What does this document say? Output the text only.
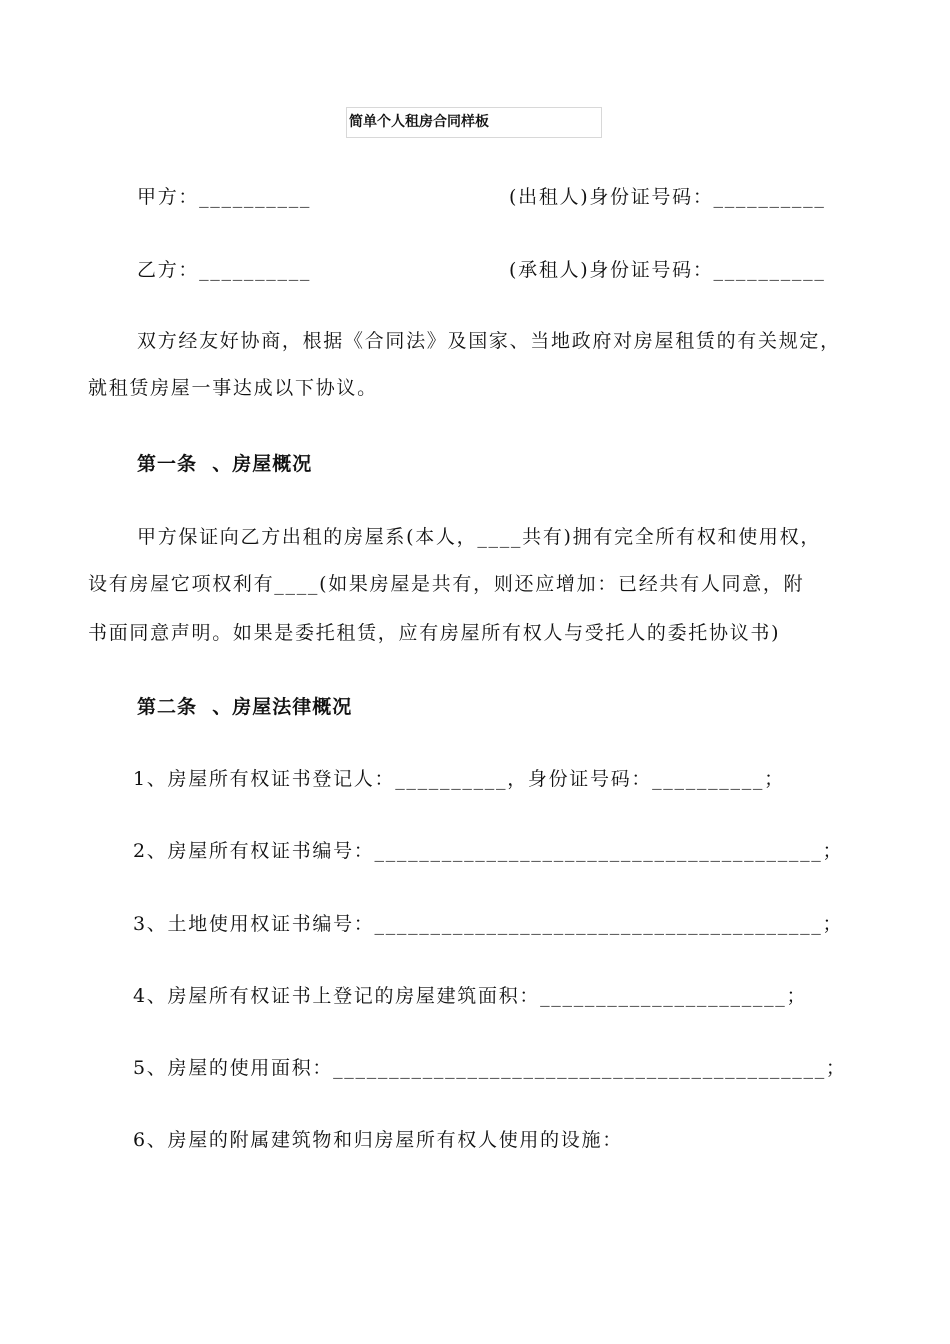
简单个人租房合同样板
甲方：__________	(出租人)身份证号码：__________
乙方：__________	(承租人)身份证号码：__________
双方经友好协商，根据《合同法》及国家、当地政府对房屋租赁的有关规定，
就租赁房屋一事达成以下协议。
第一条  、房屋概况
甲方保证向乙方出租的房屋系(本人，____共有)拥有完全所有权和使用权，
设有房屋它项权利有____(如果房屋是共有，则还应增加：已经共有人同意，附
书面同意声明。如果是委托租赁，应有房屋所有权人与受托人的委托协议书)
第二条  、房屋法律概况
1、房屋所有权证书登记人：__________，身份证号码：__________；
2、房屋所有权证书编号：________________________________________；
3、土地使用权证书编号：________________________________________；
4、房屋所有权证书上登记的房屋建筑面积：______________________；
5、房屋的使用面积：____________________________________________；
6、房屋的附属建筑物和归房屋所有权人使用的设施：
